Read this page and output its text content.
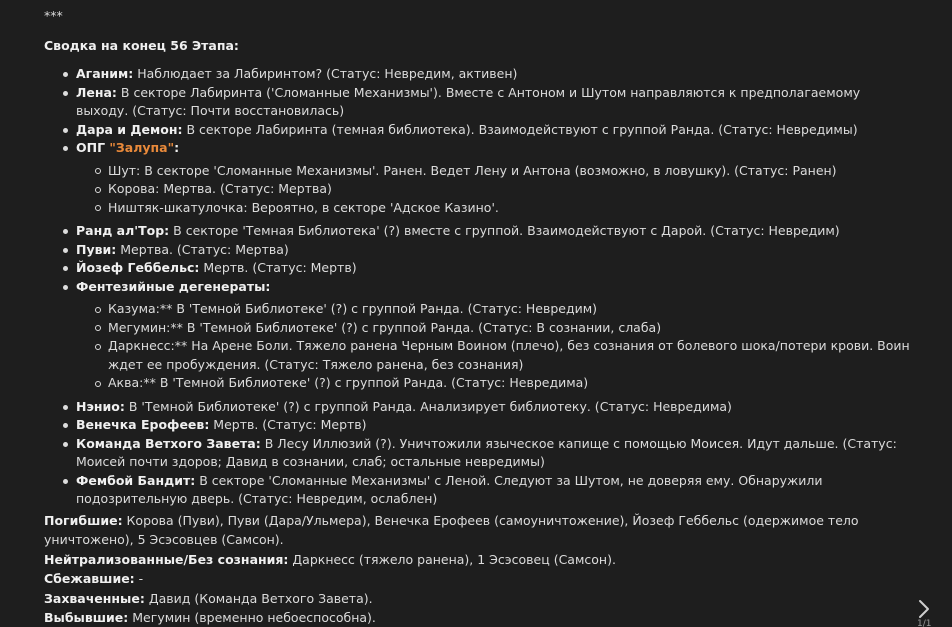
***
Сводка на конец 56 Этапа:
Аганим: Наблюдает за Лабиринтом? (Статус: Невредим, активен)
Лена: В секторе Лабиринта ('Сломанные Механизмы'). Вместе с Антоном и Шутом направляются к предполагаемому выходу. (Статус: Почти восстановилась)
Дара и Демон: В секторе Лабиринта (темная библиотека). Взаимодействуют с группой Ранда. (Статус: Невредимы)
ОПГ "Залупа":
Шут: В секторе 'Сломанные Механизмы'. Ранен. Ведет Лену и Антона (возможно, в ловушку). (Статус: Ранен)
Корова: Мертва. (Статус: Мертва)
Ништяк-шкатулочка: Вероятно, в секторе 'Адское Казино'.
Ранд ал'Тор: В секторе 'Темная Библиотека' (?) вместе с группой. Взаимодействуют с Дарой. (Статус: Невредим)
Пуви: Мертва. (Статус: Мертва)
Йозеф Геббельс: Мертв. (Статус: Мертв)
Фентезийные дегенераты:
Казума:** В 'Темной Библиотеке' (?) с группой Ранда. (Статус: Невредим)
Мегумин:** В 'Темной Библиотеке' (?) с группой Ранда. (Статус: В сознании, слаба)
Даркнесс:** На Арене Боли. Тяжело ранена Черным Воином (плечо), без сознания от болевого шока/потери крови. Воин ждет ее пробуждения. (Статус: Тяжело ранена, без сознания)
Аква:** В 'Темной Библиотеке' (?) с группой Ранда. (Статус: Невредима)
Нэнио: В 'Темной Библиотеке' (?) с группой Ранда. Анализирует библиотеку. (Статус: Невредима)
Венечка Ерофеев: Мертв. (Статус: Мертв)
Команда Ветхого Завета: В Лесу Иллюзий (?). Уничтожили языческое капище с помощью Моисея. Идут дальше. (Статус: Моисей почти здоров; Давид в сознании, слаб; остальные невредимы)
Фембой Бандит: В секторе 'Сломанные Механизмы' с Леной. Следуют за Шутом, не доверяя ему. Обнаружили подозрительную дверь. (Статус: Невредим, ослаблен)

Погибшие: Корова (Пуви), Пуви (Дара/Ульмера), Венечка Ерофеев (самоуничтожение), Йозеф Геббельс (одержимое тело уничтожено), 5 Эсэсовцев (Самсон).

Нейтрализованные/Без сознания: Даркнесс (тяжело ранена), 1 Эсэсовец (Самсон).

Сбежавшие: -

Захваченные: Давид (Команда Ветхого Завета).

Выбывшие: Мегумин (временно небоеспособна).	1/1
